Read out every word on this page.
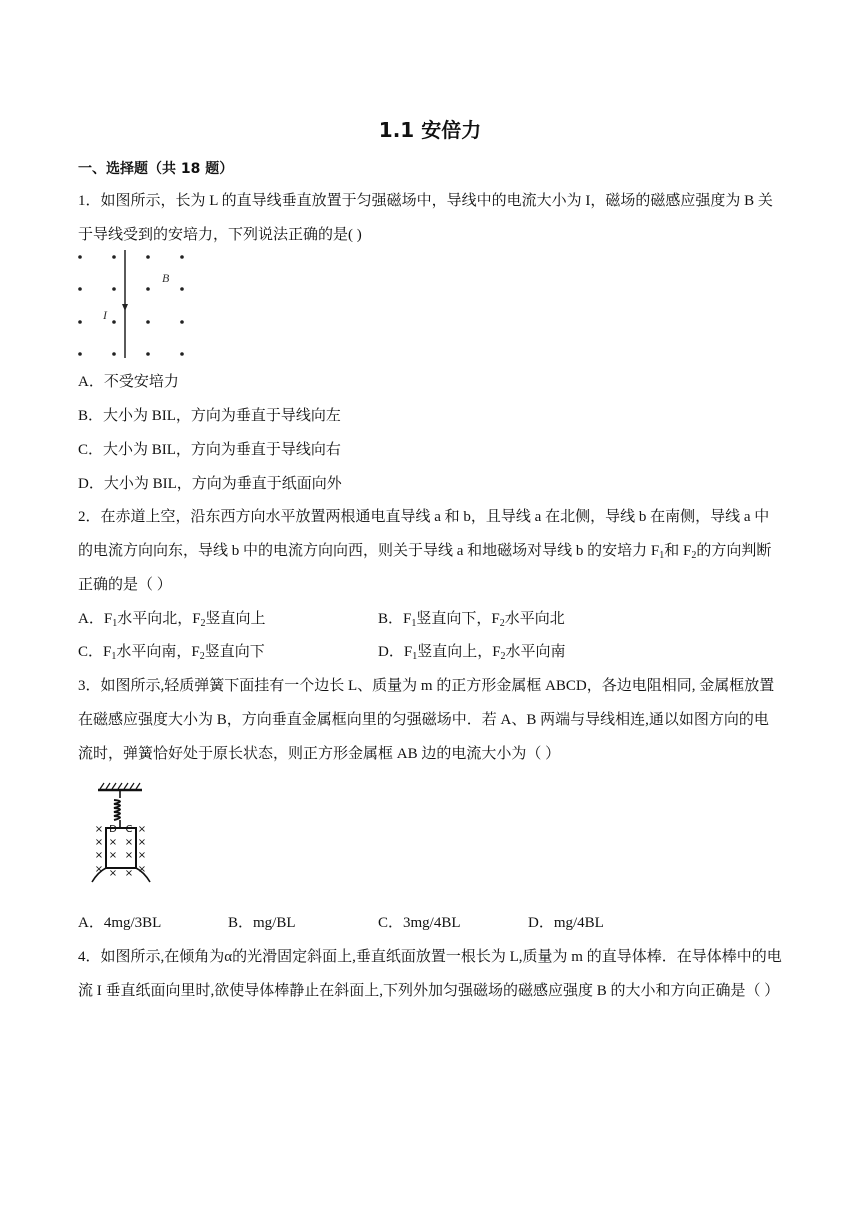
1.1 安倍力
一、选择题（共 18 题）
1．如图所示，长为 L 的直导线垂直放置于匀强磁场中，导线中的电流大小为 I，磁场的磁感应强度为 B 关
于导线受到的安培力，下列说法正确的是( )
B
I
A．不受安培力
B．大小为 BIL，方向为垂直于导线向左
C．大小为 BIL，方向为垂直于导线向右
D．大小为 BIL，方向为垂直于纸面向外
2．在赤道上空，沿东西方向水平放置两根通电直导线 a 和 b，且导线 a 在北侧，导线 b 在南侧，导线 a 中
的电流方向向东，导线 b 中的电流方向向西，则关于导线 a 和地磁场对导线 b 的安培力 $F_1$和 $F_2$的方向判断
正确的是（ ）
A．$F_1$水平向北，$F_2$竖直向上	B．$F_1$竖直向下，$F_2$水平向北
C．$F_1$水平向南，$F_2$竖直向下	D．$F_1$竖直向上，$F_2$水平向南
3．如图所示,轻质弹簧下面挂有一个边长 L、质量为 m 的正方形金属框 ABCD，各边电阻相同, 金属框放置
在磁感应强度大小为 B，方向垂直金属框向里的匀强磁场中．若 A、B 两端与导线相连,通以如图方向的电
流时，弹簧恰好处于原长状态，则正方形金属框 AB 边的电流大小为（ ）
× D C ×
× × × ×
× × × ×
× × × ×
A．4mg/3BL	B．mg/BL	C．3mg/4BL	D．mg/4BL
4．如图所示,在倾角为α的光滑固定斜面上,垂直纸面放置一根长为 L,质量为 m 的直导体棒．在导体棒中的电
流 I 垂直纸面向里时,欲使导体棒静止在斜面上,下列外加匀强磁场的磁感应强度 B 的大小和方向正确是（ ）
